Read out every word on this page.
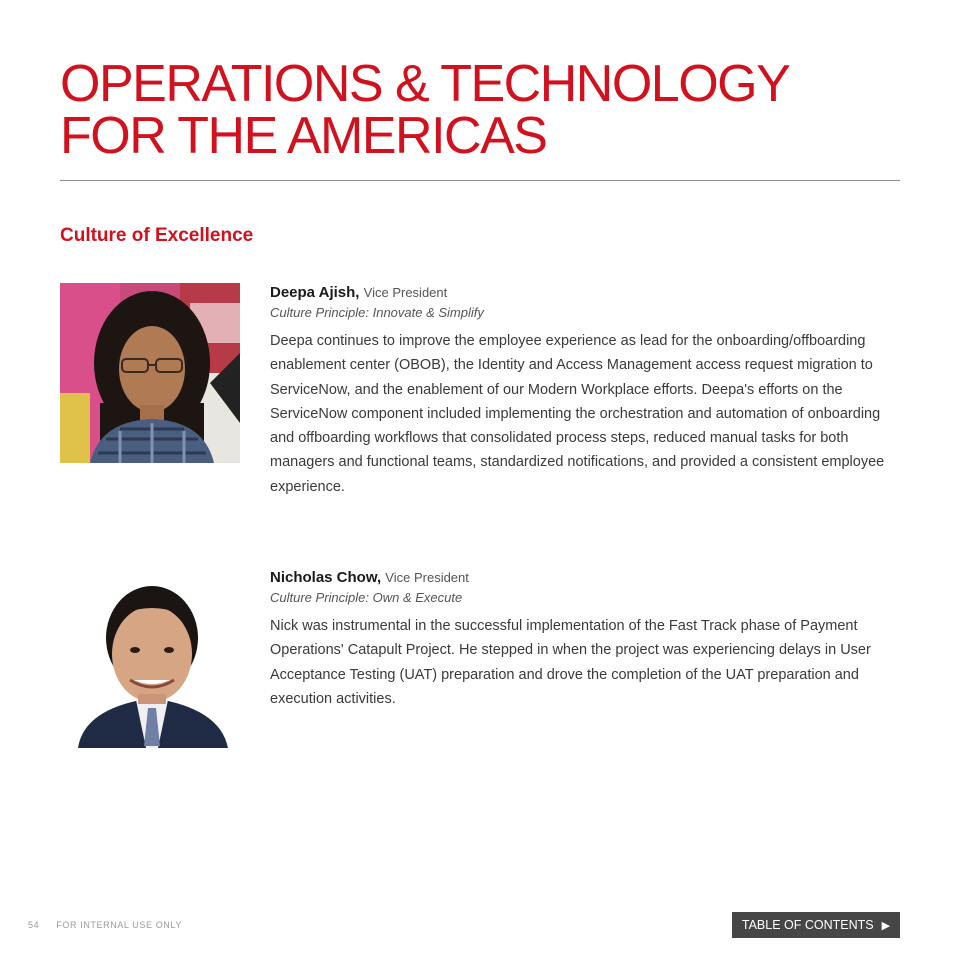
OPERATIONS & TECHNOLOGY
FOR THE AMERICAS
Culture of Excellence

Deepa Ajish, Vice President

Culture Principle: Innovate & Simplify

Deepa continues to improve the employee experience as lead for the onboarding/offboarding enablement center (OBOB), the Identity and Access Management access request migration to ServiceNow, and the enablement of our Modern Workplace efforts. Deepa's efforts on the ServiceNow component included implementing the orchestration and automation of onboarding and offboarding workflows that consolidated process steps, reduced manual tasks for both managers and functional teams, standardized notifications, and provided a consistent employee experience.

Nicholas Chow, Vice President

Culture Principle: Own & Execute

Nick was instrumental in the successful implementation of the Fast Track phase of Payment Operations' Catapult Project. He stepped in when the project was experiencing delays in User Acceptance Testing (UAT) preparation and drove the completion of the UAT preparation and execution activities.

54 FOR INTERNAL USE ONLY	TABLE OF CONTENTS ▶
